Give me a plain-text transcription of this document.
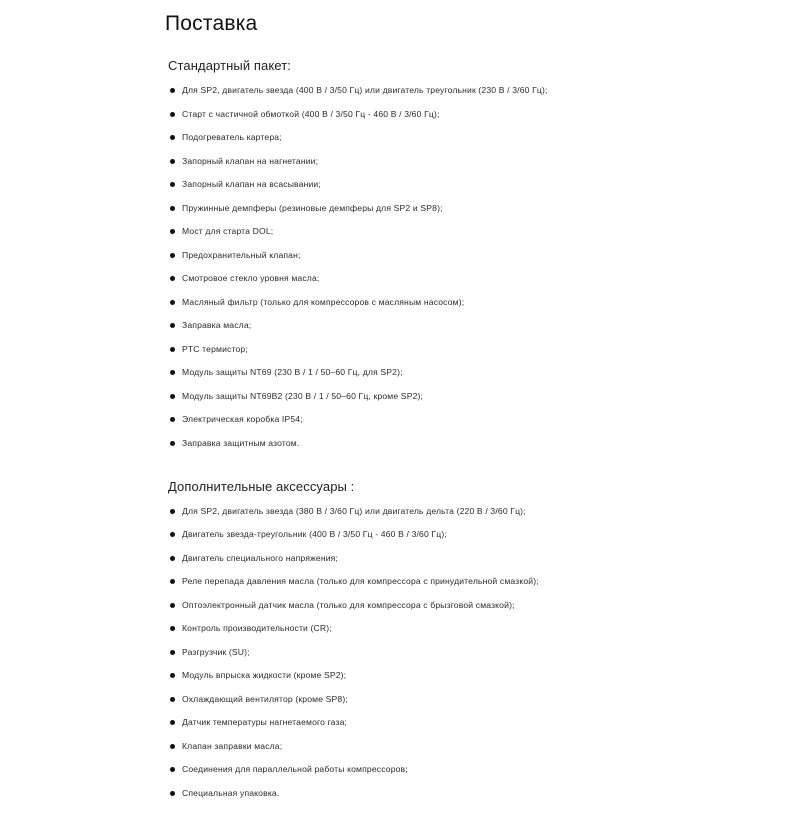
Поставка
Стандартный пакет:
Для SP2, двигатель звезда (400 В / 3/50 Гц) или двигатель треугольник (230 В / 3/60 Гц);
Старт с частичной обмоткой (400 В / 3/50 Гц - 460 В / 3/60 Гц);
Подогреватель картера;
Запорный клапан на нагнетании;
Запорный клапан на всасывании;
Пружинные демпферы (резиновые демпферы для SP2 и SP8);
Мост для старта DOL;
Предохранительный клапан;
Смотровое стекло уровня масла;
Масляный фильтр (только для компрессоров с масляным насосом);
Заправка масла;
PTC термистор;
Модуль защиты NT69 (230 В / 1 / 50–60 Гц, для SP2);
Модуль защиты NT69B2 (230 В / 1 / 50–60 Гц, кроме SP2);
Электрическая коробка IP54;
Заправка защитным азотом.
Дополнительные аксессуары :
Для SP2, двигатель звезда (380 В / 3/60 Гц) или двигатель дельта (220 В / 3/60 Гц);
Двигатель звезда-треугольник (400 В / 3/50 Гц - 460 В / 3/60 Гц);
Двигатель специального напряжения;
Реле перепада давления масла (только для компрессора с принудительной смазкой);
Оптоэлектронный датчик масла (только для компрессора с брызговой смазкой);
Контроль производительности (CR);
Разгрузчик (SU);
Модуль впрыска жидкости (кроме SP2);
Охлаждающий вентилятор (кроме SP8);
Датчик температуры нагнетаемого газа;
Клапан заправки масла;
Соединения для параллельной работы компрессоров;
Специальная упаковка.
